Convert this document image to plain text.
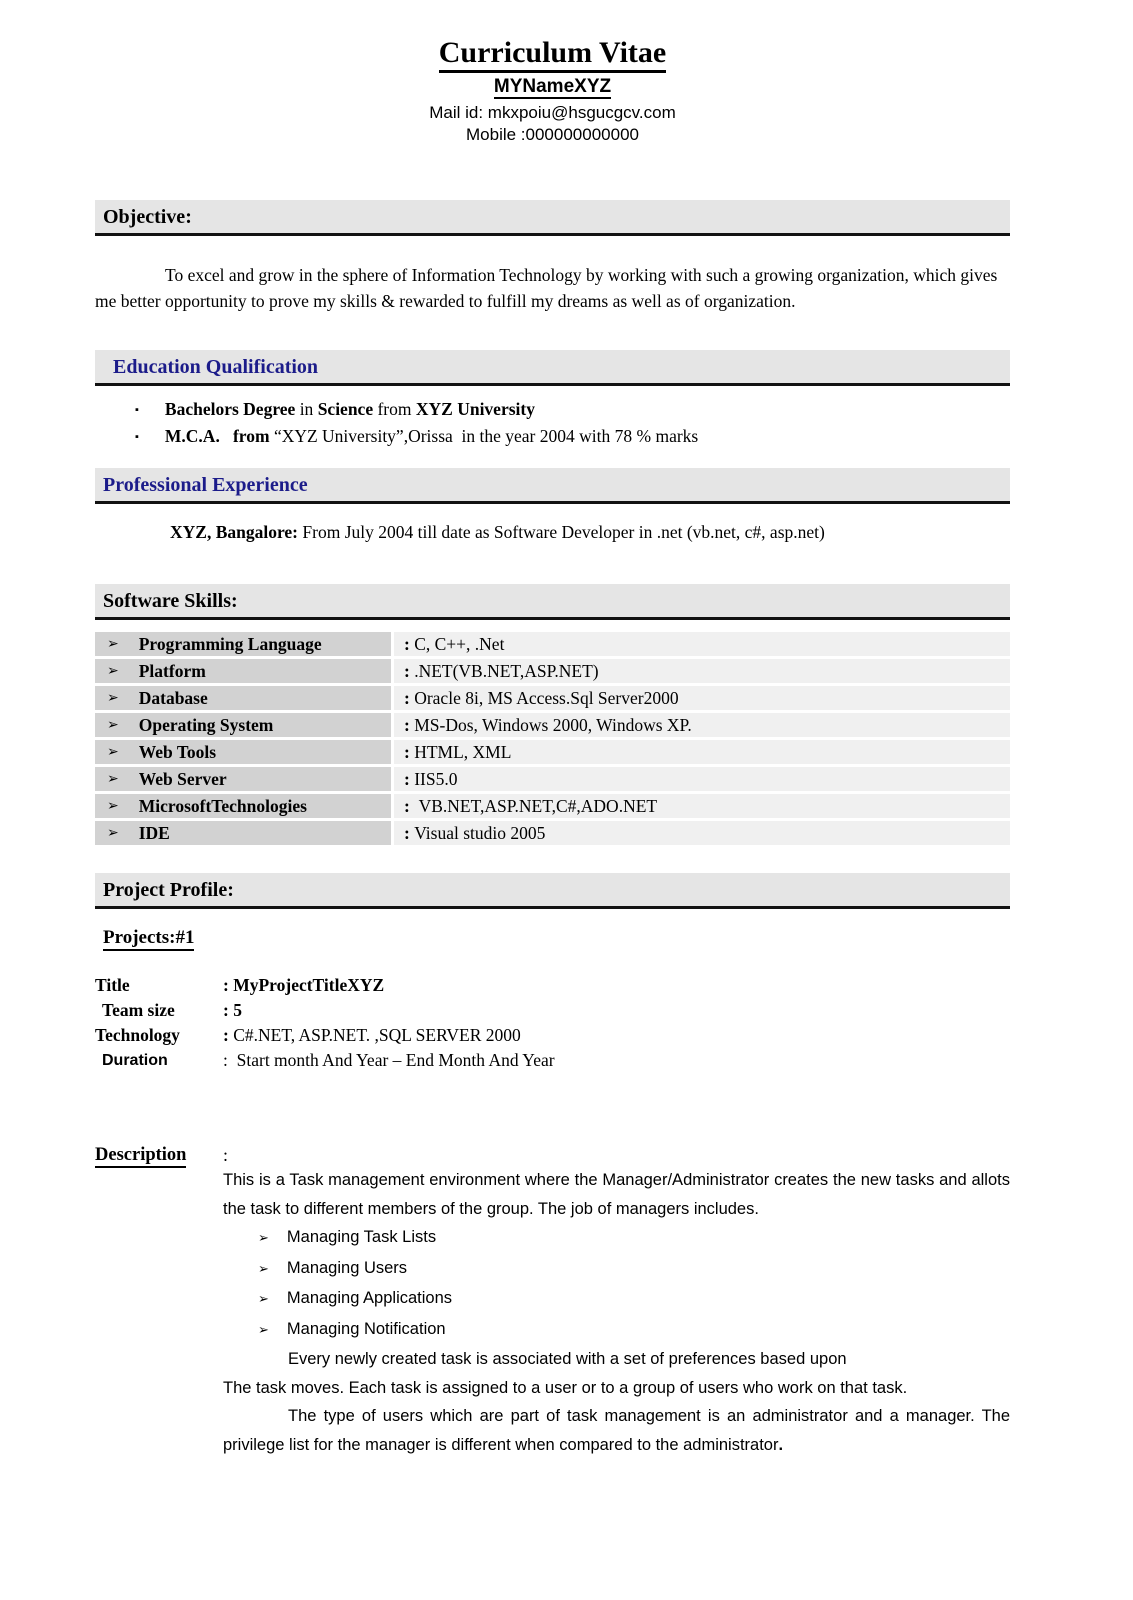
Curriculum Vitae
MYNameXYZ
Mail id: mkxpoiu@hsgucgcv.com
Mobile :000000000000
Objective:

To excel and grow in the sphere of Information Technology by working with such a growing organization, which gives me better opportunity to prove my skills & rewarded to fulfill my dreams as well as of organization.

Education Qualification
▪ Bachelors Degree in Science from XYZ University
▪ M.C.A.   from “XYZ University”,Orissa  in the year 2004 with 78 % marks
Professional Experience
XYZ, Bangalore: From July 2004 till date as Software Developer in .net (vb.net, c#, asp.net)
Software Skills:
➢ Programming Language	: C, C++, .Net
➢ Platform	: .NET(VB.NET,ASP.NET)
➢ Database	: Oracle 8i, MS Access.Sql Server2000
➢ Operating System	: MS-Dos, Windows 2000, Windows XP.
➢ Web Tools	: HTML, XML
➢ Web Server	: IIS5.0
➢ MicrosoftTechnologies	: VB.NET,ASP.NET,C#,ADO.NET
➢ IDE	: Visual studio 2005
Project Profile:
Projects:#1
Title	: MyProjectTitleXYZ
Team size	: 5
Technology	: C#.NET, ASP.NET. ,SQL SERVER 2000
Duration	:  Start month And Year – End Month And Year
Description	:

This is a Task management environment where the Manager/Administrator creates the new tasks and allots the task to different members of the group. The job of managers includes.

➢ Managing Task Lists
➢ Managing Users
➢ Managing Applications
➢ Managing Notification

Every newly created task is associated with a set of preferences based upon

The task moves. Each task is assigned to a user or to a group of users who work on that task.

The type of users which are part of task management is an administrator and a manager. The privilege list for the manager is different when compared to the administrator.
